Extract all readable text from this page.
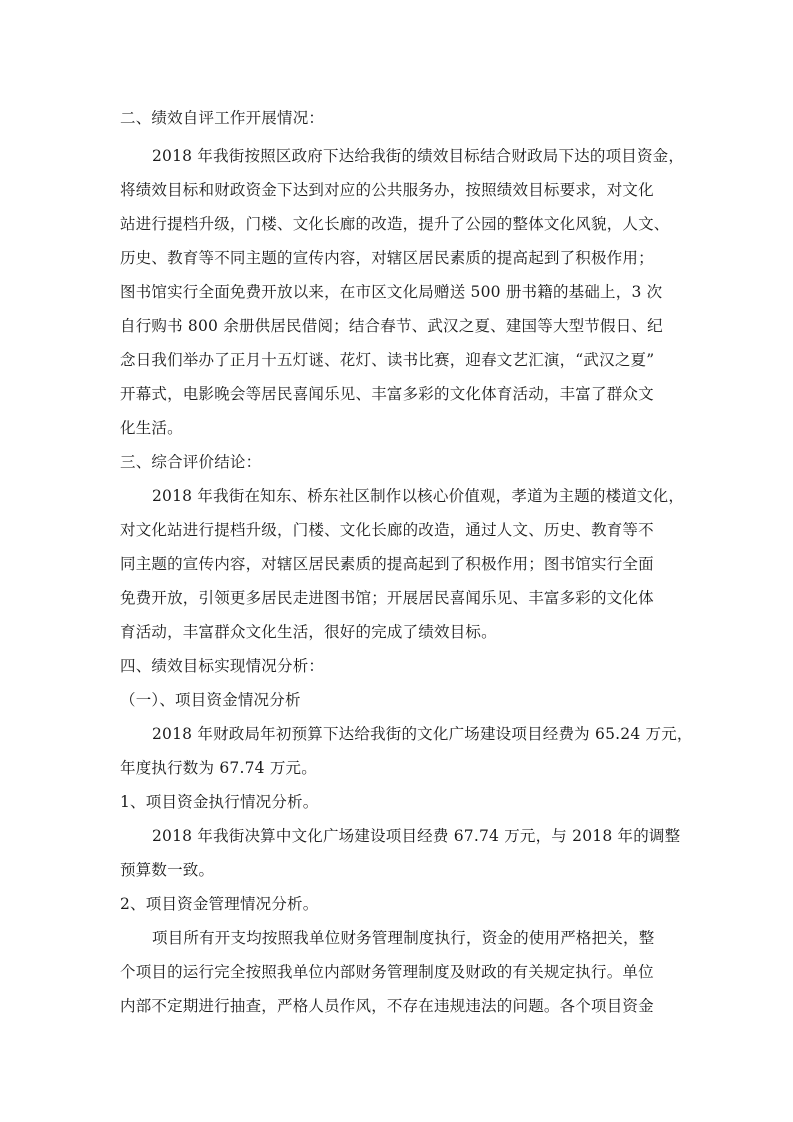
二、绩效自评工作开展情况：
2018 年我街按照区政府下达给我街的绩效目标结合财政局下达的项目资金，
将绩效目标和财政资金下达到对应的公共服务办，按照绩效目标要求，对文化
站进行提档升级，门楼、文化长廊的改造，提升了公园的整体文化风貌，人文、
历史、教育等不同主题的宣传内容，对辖区居民素质的提高起到了积极作用；
图书馆实行全面免费开放以来，在市区文化局赠送 500 册书籍的基础上，3 次
自行购书 800 余册供居民借阅；结合春节、武汉之夏、建国等大型节假日、纪
念日我们举办了正月十五灯谜、花灯、读书比赛，迎春文艺汇演，“武汉之夏”
开幕式，电影晚会等居民喜闻乐见、丰富多彩的文化体育活动，丰富了群众文
化生活。
三、综合评价结论：
2018 年我街在知东、桥东社区制作以核心价值观，孝道为主题的楼道文化，
对文化站进行提档升级，门楼、文化长廊的改造，通过人文、历史、教育等不
同主题的宣传内容，对辖区居民素质的提高起到了积极作用；图书馆实行全面
免费开放，引领更多居民走进图书馆；开展居民喜闻乐见、丰富多彩的文化体
育活动，丰富群众文化生活，很好的完成了绩效目标。
四、绩效目标实现情况分析：
（一）、项目资金情况分析
2018 年财政局年初预算下达给我街的文化广场建设项目经费为 65.24 万元，
年度执行数为 67.74 万元。
1、项目资金执行情况分析。
2018 年我街决算中文化广场建设项目经费 67.74 万元，与 2018 年的调整
预算数一致。
2、项目资金管理情况分析。
项目所有开支均按照我单位财务管理制度执行，资金的使用严格把关，整
个项目的运行完全按照我单位内部财务管理制度及财政的有关规定执行。单位
内部不定期进行抽查，严格人员作风，不存在违规违法的问题。各个项目资金
